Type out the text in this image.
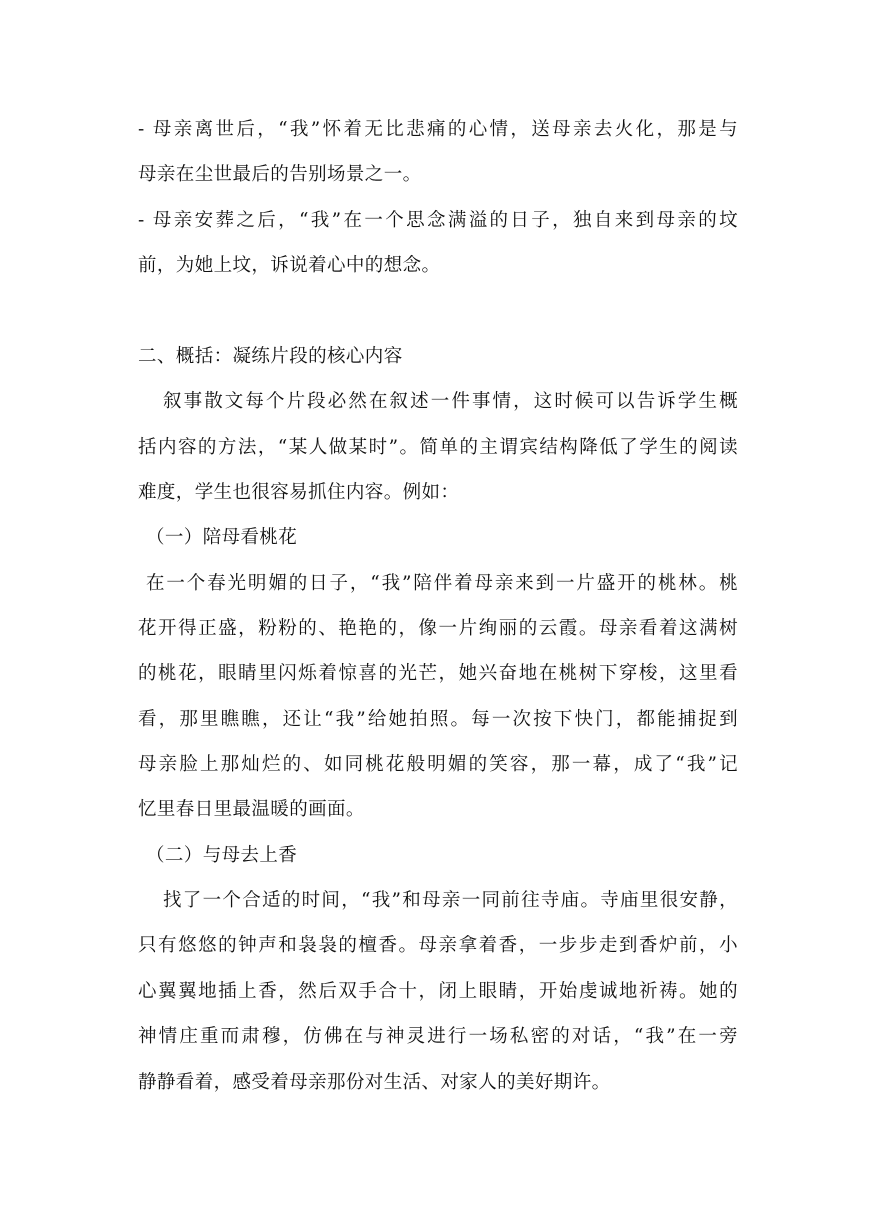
- 母亲离世后，“我”怀着无比悲痛的心情，送母亲去火化，那是与
母亲在尘世最后的告别场景之一。
- 母亲安葬之后，“我”在一个思念满溢的日子，独自来到母亲的坟
前，为她上坟，诉说着心中的想念。
二、概括：凝练片段的核心内容
叙事散文每个片段必然在叙述一件事情，这时候可以告诉学生概
括内容的方法，“某人做某时”。简单的主谓宾结构降低了学生的阅读
难度，学生也很容易抓住内容。例如：
（一）陪母看桃花
在一个春光明媚的日子，“我”陪伴着母亲来到一片盛开的桃林。桃
花开得正盛，粉粉的、艳艳的，像一片绚丽的云霞。母亲看着这满树
的桃花，眼睛里闪烁着惊喜的光芒，她兴奋地在桃树下穿梭，这里看
看，那里瞧瞧，还让“我”给她拍照。每一次按下快门，都能捕捉到
母亲脸上那灿烂的、如同桃花般明媚的笑容，那一幕，成了“我”记
忆里春日里最温暖的画面。
（二）与母去上香
找了一个合适的时间，“我”和母亲一同前往寺庙。寺庙里很安静，
只有悠悠的钟声和袅袅的檀香。母亲拿着香，一步步走到香炉前，小
心翼翼地插上香，然后双手合十，闭上眼睛，开始虔诚地祈祷。她的
神情庄重而肃穆，仿佛在与神灵进行一场私密的对话，“我”在一旁
静静看着，感受着母亲那份对生活、对家人的美好期许。
